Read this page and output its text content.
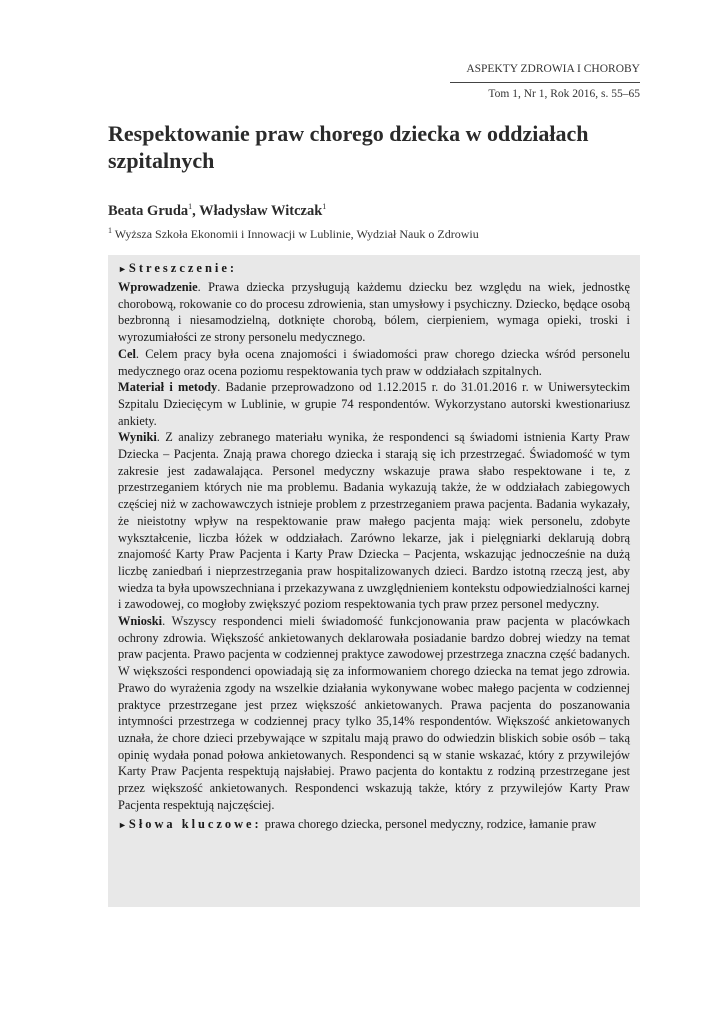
ASPEKTY ZDROWIA I CHOROBY
Tom 1, Nr 1, Rok 2016, s. 55–65
Respektowanie praw chorego dziecka w oddziałach szpitalnych
Beata Gruda$^1$, Władysław Witczak$^1$
$^1$ Wyższa Szkoła Ekonomii i Innowacji w Lublinie, Wydział Nauk o Zdrowiu
► Streszczenie:

Wprowadzenie. Prawa dziecka przysługują każdemu dziecku bez względu na wiek, jednostkę chorobową, rokowanie co do procesu zdrowienia, stan umysłowy i psychiczny. Dziecko, będące osobą bezbronną i niesamodzielną, dotknięte chorobą, bólem, cierpieniem, wymaga opieki, troski i wyrozumiałości ze strony personelu medycznego.

Cel. Celem pracy była ocena znajomości i świadomości praw chorego dziecka wśród personelu medycznego oraz ocena poziomu respektowania tych praw w oddziałach szpitalnych.

Materiał i metody. Badanie przeprowadzono od 1.12.2015 r. do 31.01.2016 r. w Uniwersyteckim Szpitalu Dziecięcym w Lublinie, w grupie 74 respondentów. Wykorzystano autorski kwestionariusz ankiety.

Wyniki. Z analizy zebranego materiału wynika, że respondenci są świadomi istnienia Karty Praw Dziecka – Pacjenta. Znają prawa chorego dziecka i starają się ich przestrzegać. Świadomość w tym zakresie jest zadawalająca. Personel medyczny wskazuje prawa słabo respektowane i te, z przestrzeganiem których nie ma problemu. Badania wykazują także, że w oddziałach zabiegowych częściej niż w zachowawczych istnieje problem z przestrzeganiem prawa pacjenta. Badania wykazały, że nieistotny wpływ na respektowanie praw małego pacjenta mają: wiek personelu, zdobyte wykształcenie, liczba łóżek w oddziałach. Zarówno lekarze, jak i pielęgniarki deklarują dobrą znajomość Karty Praw Pacjenta i Karty Praw Dziecka – Pacjenta, wskazując jednocześnie na dużą liczbę zaniedbań i nieprzestrzegania praw hospitalizowanych dzieci. Bardzo istotną rzeczą jest, aby wiedza ta była upowszechniana i przekazywana z uwzględnieniem kontekstu odpowiedzialności karnej i zawodowej, co mogłoby zwiększyć poziom respektowania tych praw przez personel medyczny.

Wnioski. Wszyscy respondenci mieli świadomość funkcjonowania praw pacjenta w placówkach ochrony zdrowia. Większość ankietowanych deklarowała posiadanie bardzo dobrej wiedzy na temat praw pacjenta. Prawo pacjenta w codziennej praktyce zawodowej przestrzega znaczna część badanych. W większości respondenci opowiadają się za informowaniem chorego dziecka na temat jego zdrowia. Prawo do wyrażenia zgody na wszelkie działania wykonywane wobec małego pacjenta w codziennej praktyce przestrzegane jest przez większość ankietowanych. Prawa pacjenta do poszanowania intymności przestrzega w codziennej pracy tylko 35,14% respondentów. Większość ankietowanych uznała, że chore dzieci przebywające w szpitalu mają prawo do odwiedzin bliskich sobie osób – taką opinię wydała ponad połowa ankietowanych. Respondenci są w stanie wskazać, który z przywilejów Karty Praw Pacjenta respektują najsłabiej. Prawo pacjenta do kontaktu z rodziną przestrzegane jest przez większość ankietowanych. Respondenci wskazują także, który z przywilejów Karty Praw Pacjenta respektują najczęściej.

► Słowa kluczowe: prawa chorego dziecka, personel medyczny, rodzice, łamanie praw
